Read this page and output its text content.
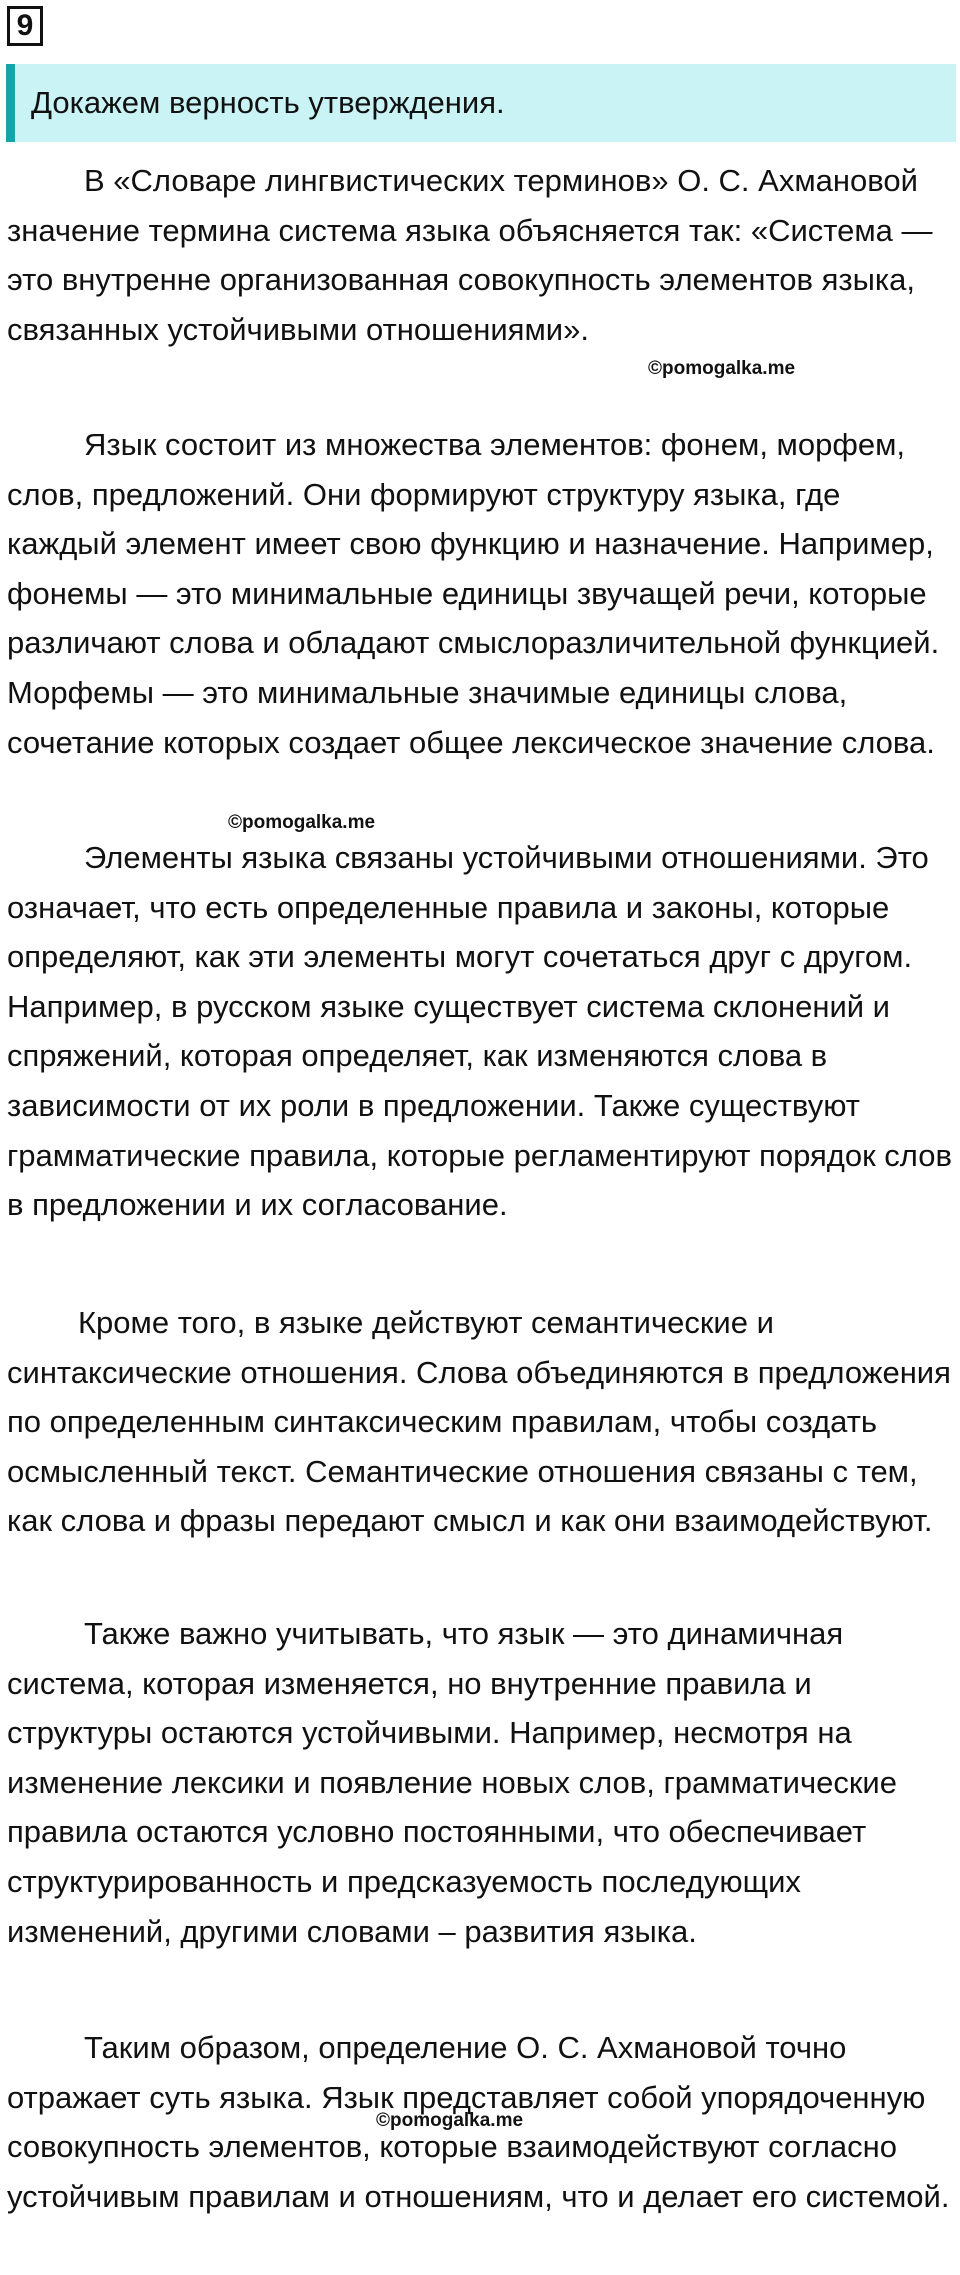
9
Докажем верность утверждения.

В «Словаре лингвистических терминов» О. С. Ахмановой значение термина система языка объясняется так: «Система — это внутренне организованная совокупность элементов языка, связанных устойчивыми отношениями».

Язык состоит из множества элементов: фонем, морфем, слов, предложений. Они формируют структуру языка, где каждый элемент имеет свою функцию и назначение. Например, фонемы — это минимальные единицы звучащей речи, которые различают слова и обладают смыслоразличительной функцией. Морфемы — это минимальные значимые единицы слова, сочетание которых создает общее лексическое значение слова.

Элементы языка связаны устойчивыми отношениями. Это означает, что есть определенные правила и законы, которые определяют, как эти элементы могут сочетаться друг с другом. Например, в русском языке существует система склонений и спряжений, которая определяет, как изменяются слова в зависимости от их роли в предложении. Также существуют грамматические правила, которые регламентируют порядок слов в предложении и их согласование.

Кроме того, в языке действуют семантические и синтаксические отношения. Слова объединяются в предложения по определенным синтаксическим правилам, чтобы создать осмысленный текст. Семантические отношения связаны с тем, как слова и фразы передают смысл и как они взаимодействуют.

Также важно учитывать, что язык — это динамичная система, которая изменяется, но внутренние правила и структуры остаются устойчивыми. Например, несмотря на изменение лексики и появление новых слов, грамматические правила остаются условно постоянными, что обеспечивает структурированность и предсказуемость последующих изменений, другими словами – развития языка.

Таким образом, определение О. С. Ахмановой точно отражает суть языка. Язык представляет собой упорядоченную совокупность элементов, которые взаимодействуют согласно устойчивым правилам и отношениям, что и делает его системой.

©pomogalka.me
©pomogalka.me
©pomogalka.me
